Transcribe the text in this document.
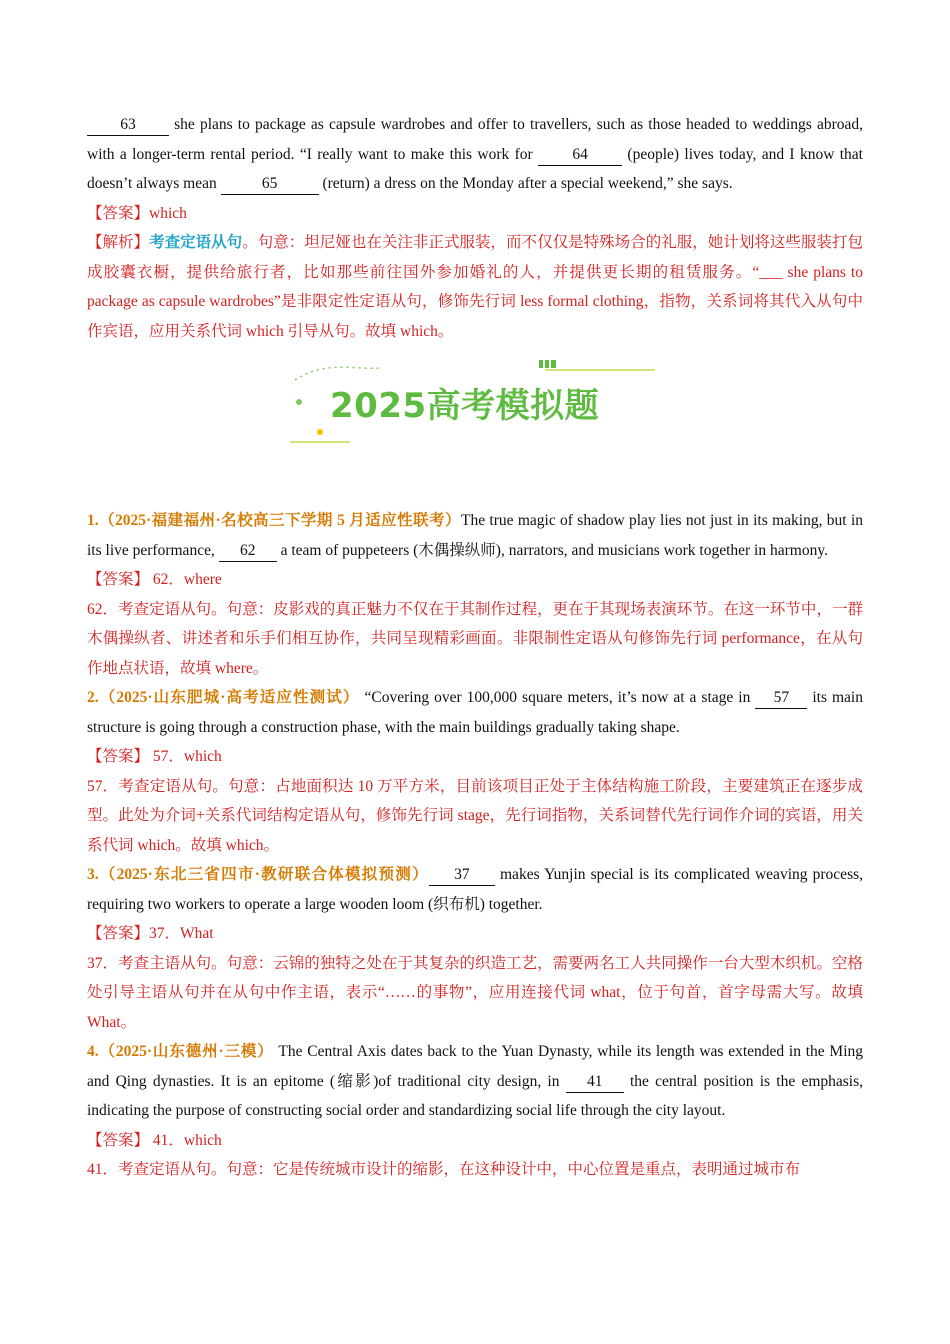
63 she plans to package as capsule wardrobes and offer to travellers, such as those headed to weddings abroad, with a longer-term rental period. “I really want to make this work for 64 (people) lives today, and I know that doesn’t always mean	65	(return) a dress on the Monday after a special weekend,” she says.

【答案】which

【解析】考查定语从句。句意：坦尼娅也在关注非正式服装，而不仅仅是特殊场合的礼服，她计划将这些服装打包成胶囊衣橱，提供给旅行者，比如那些前往国外参加婚礼的人，并提供更长期的租赁服务。“___ she plans to package as capsule wardrobes”是非限定性定语从句，修饰先行词 less formal clothing，指物，关系词将其代入从句中作宾语，应用关系代词 which 引导从句。故填 which。

2025高考模拟题

1.（2025·福建福州·名校高三下学期 5 月适应性联考）The true magic of shadow play lies not just in its making, but in its live performance, 62 a team of puppeteers (木偶操纵师), narrators, and musicians work together in harmony.

【答案】 62．where

62．考查定语从句。句意：皮影戏的真正魅力不仅在于其制作过程，更在于其现场表演环节。在这一环节中，一群木偶操纵者、讲述者和乐手们相互协作，共同呈现精彩画面。非限制性定语从句修饰先行词 performance，在从句作地点状语，故填 where。

2.（2025·山东肥城·高考适应性测试） “Covering over 100,000 square meters, it’s now at a stage in 57 its main structure is going through a construction phase, with the main buildings gradually taking shape.

【答案】 57．which

57．考查定语从句。句意：占地面积达 10 万平方米，目前该项目正处于主体结构施工阶段，主要建筑正在逐步成型。此处为介词+关系代词结构定语从句，修饰先行词 stage，先行词指物，关系词替代先行词作介词的宾语，用关系代词 which。故填 which。

3.（2025·东北三省四市·教研联合体模拟预测） 37 makes Yunjin special is its complicated weaving process, requiring two workers to operate a large wooden loom (织布机) together.

【答案】37．What

37．考查主语从句。句意：云锦的独特之处在于其复杂的织造工艺，需要两名工人共同操作一台大型木织机。空格处引导主语从句并在从句中作主语，表示“……的事物”，应用连接代词 what，位于句首，首字母需大写。故填 What。

4.（2025·山东德州·三模） The Central Axis dates back to the Yuan Dynasty, while its length was extended in the Ming and Qing dynasties. It is an epitome (缩影)of traditional city design, in 41 the central position is the emphasis, indicating the purpose of constructing social order and standardizing social life through the city layout.

【答案】 41．which

41．考查定语从句。句意：它是传统城市设计的缩影，在这种设计中，中心位置是重点，表明通过城市布
